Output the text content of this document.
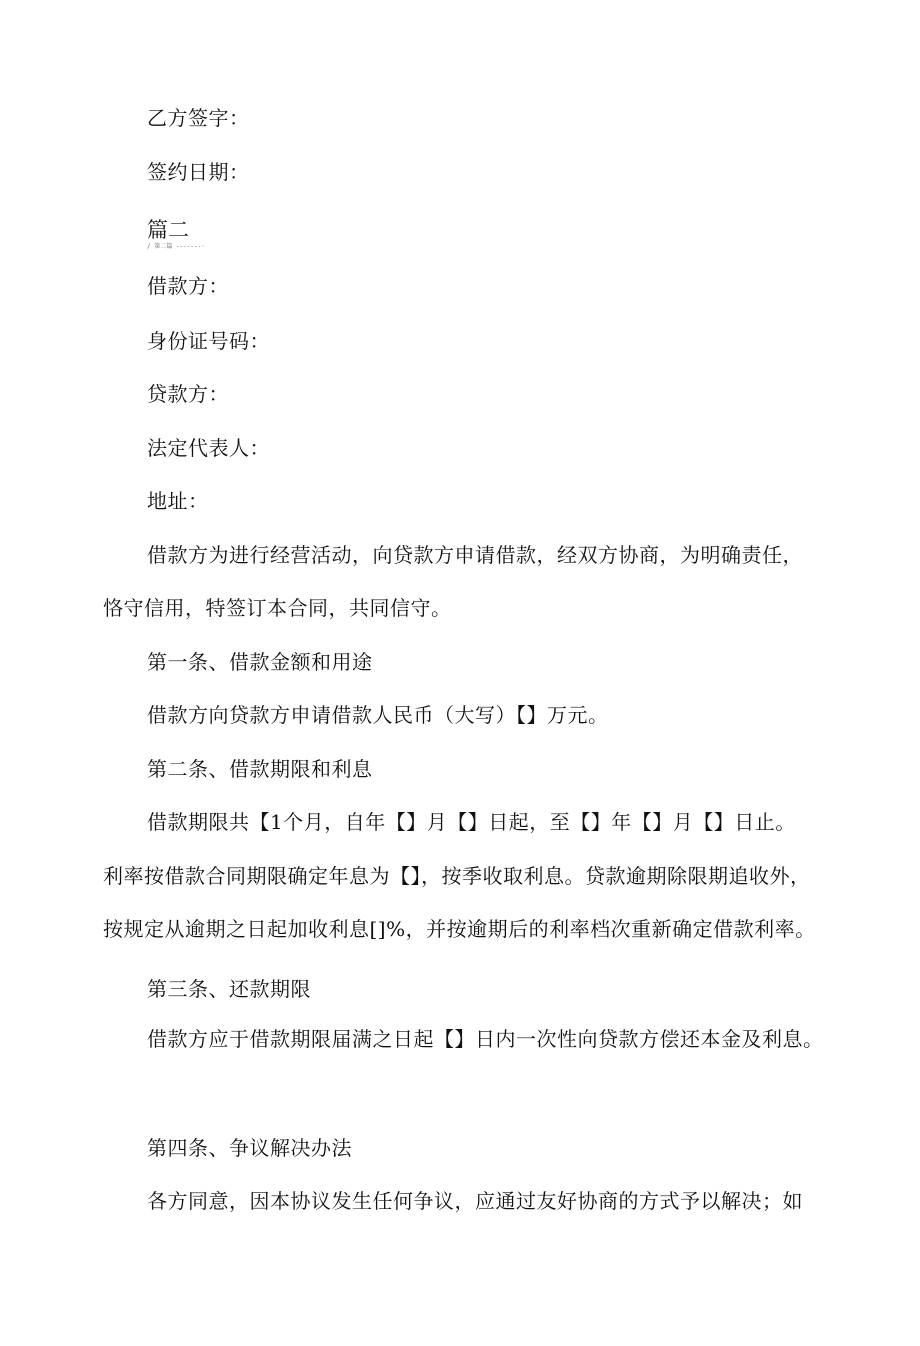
乙方签字：
签约日期：
篇二
/ 第二篇 -------·
借款方：
身份证号码：
贷款方：
法定代表人：
地址：
借款方为进行经营活动，向贷款方申请借款，经双方协商，为明确责任，
恪守信用，特签订本合同，共同信守。
第一条、借款金额和用途
借款方向贷款方申请借款人民币（大写）【】万元。
第二条、借款期限和利息
借款期限共【1个月，自年【】月【】日起，至【】年【】月【】日止。
利率按借款合同期限确定年息为【】，按季收取利息。贷款逾期除限期追收外，
按规定从逾期之日起加收利息[]%，并按逾期后的利率档次重新确定借款利率。
第三条、还款期限
借款方应于借款期限届满之日起【】日内一次性向贷款方偿还本金及利息。
第四条、争议解决办法
各方同意，因本协议发生任何争议，应通过友好协商的方式予以解决；如
